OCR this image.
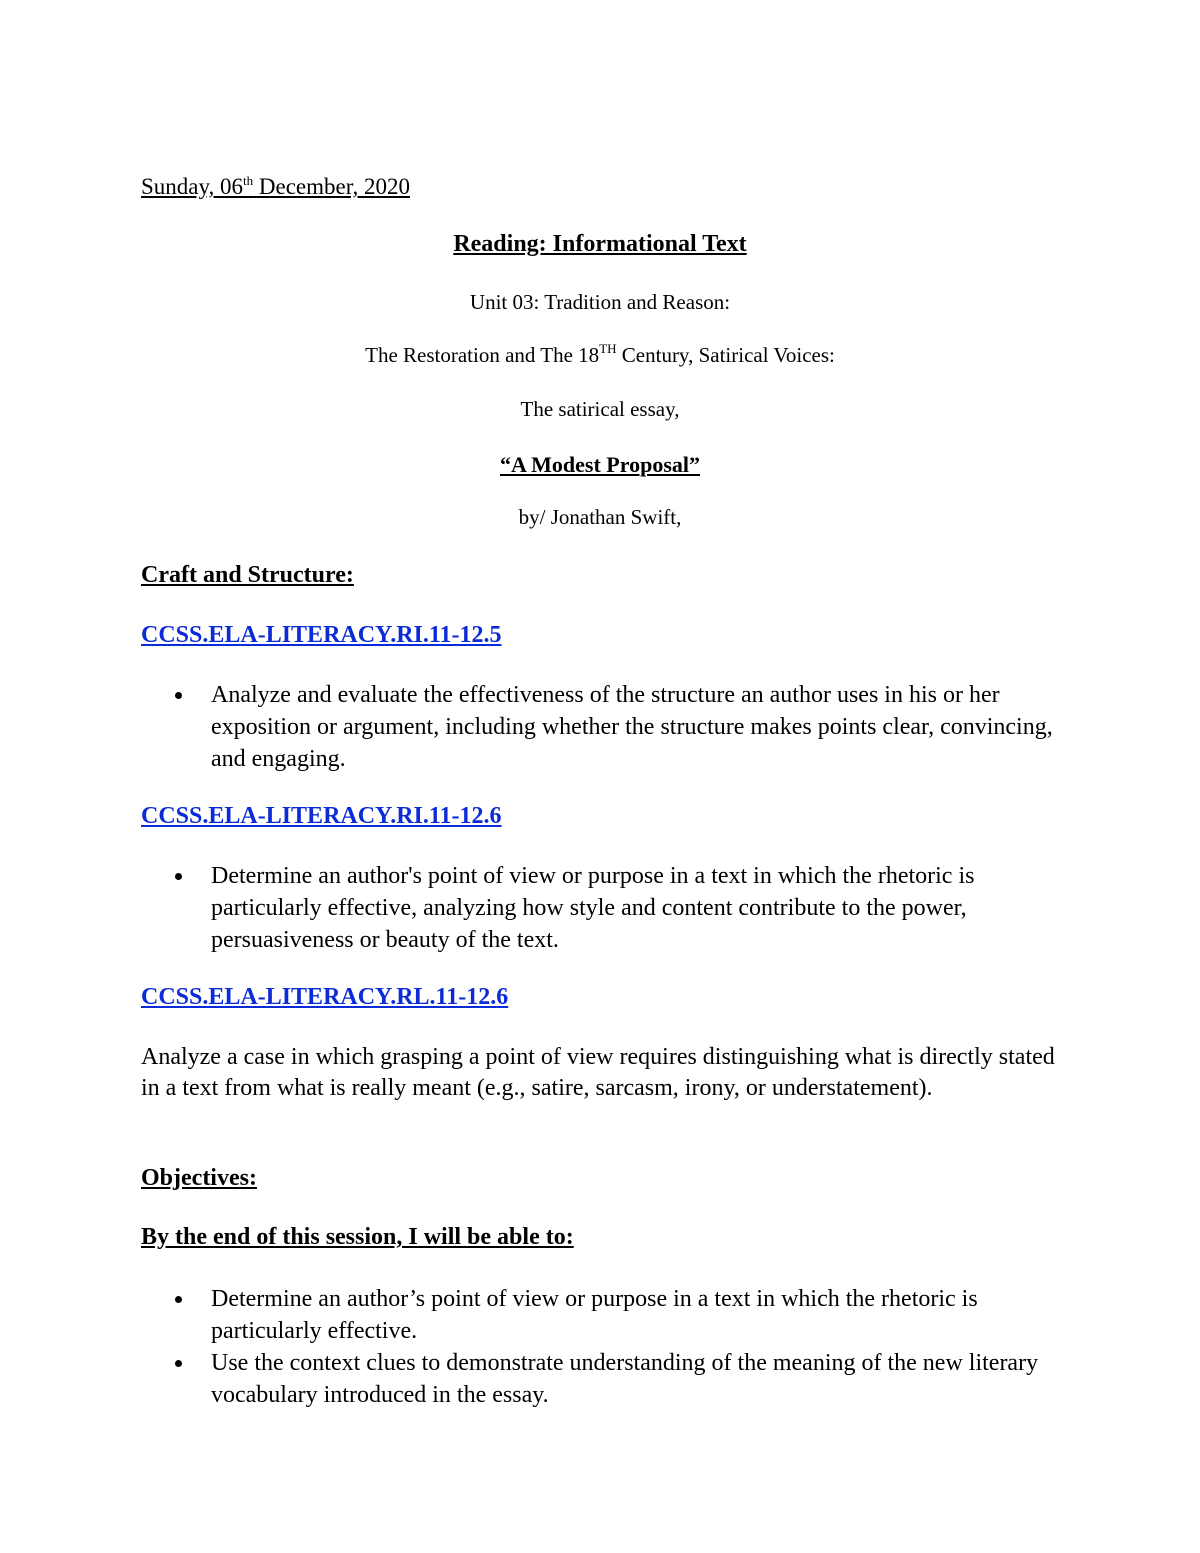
Sunday, 06th December, 2020
Reading: Informational Text
Unit 03: Tradition and Reason:
The Restoration and The 18TH Century, Satirical Voices:
The satirical essay,
“A Modest Proposal”
by/ Jonathan Swift,
Craft and Structure:
CCSS.ELA-LITERACY.RI.11-12.5
Analyze and evaluate the effectiveness of the structure an author uses in his or her exposition or argument, including whether the structure makes points clear, convincing, and engaging.
CCSS.ELA-LITERACY.RI.11-12.6
Determine an author's point of view or purpose in a text in which the rhetoric is particularly effective, analyzing how style and content contribute to the power, persuasiveness or beauty of the text.
CCSS.ELA-LITERACY.RL.11-12.6
Analyze a case in which grasping a point of view requires distinguishing what is directly stated in a text from what is really meant (e.g., satire, sarcasm, irony, or understatement).
Objectives:
By the end of this session, I will be able to:
Determine an author’s point of view or purpose in a text in which the rhetoric is particularly effective.
Use the context clues to demonstrate understanding of the meaning of the new literary vocabulary introduced in the essay.
